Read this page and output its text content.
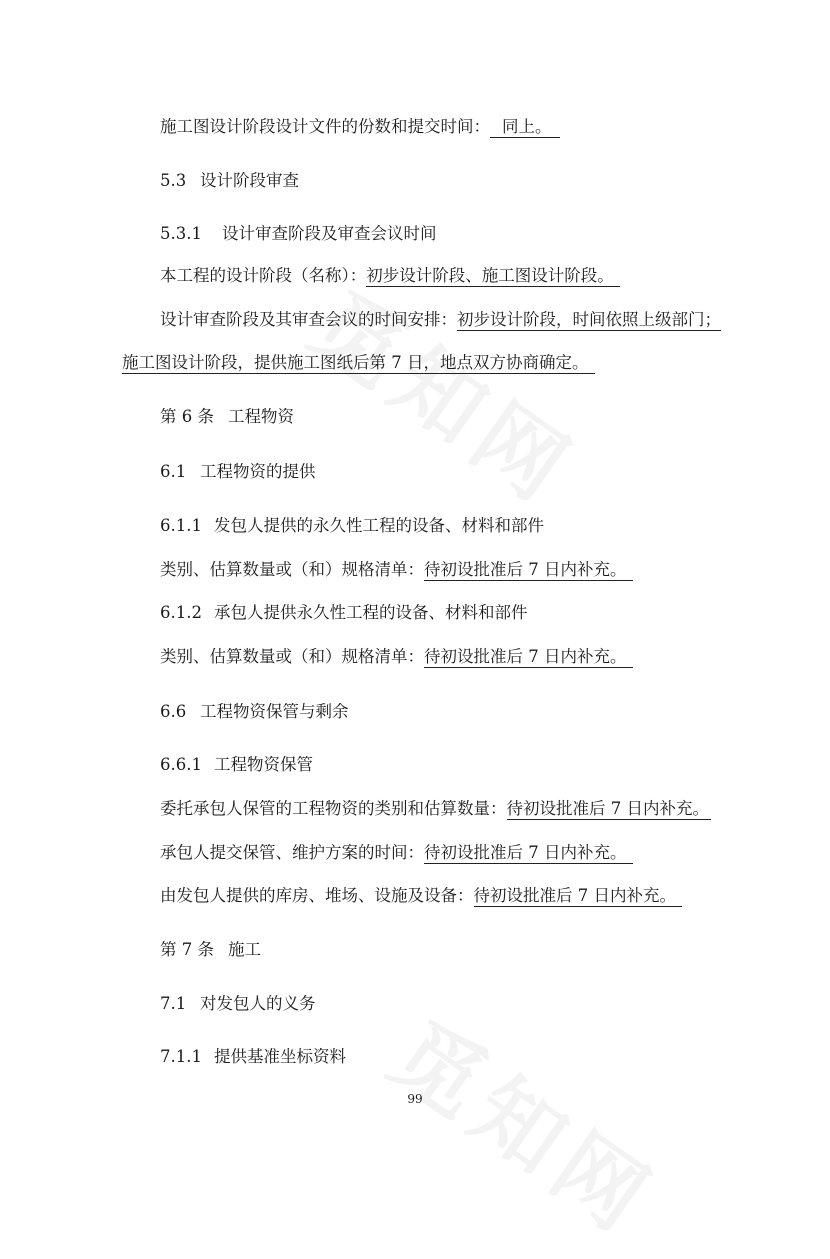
施工图设计阶段设计文件的份数和提交时间： 同上。
5.3 设计阶段审查
5.3.1 设计审查阶段及审查会议时间
本工程的设计阶段（名称）：初步设计阶段、施工图设计阶段。
设计审查阶段及其审查会议的时间安排：初步设计阶段，时间依照上级部门；
施工图设计阶段，提供施工图纸后第 7 日，地点双方协商确定。
第 6 条 工程物资
6.1 工程物资的提供
6.1.1 发包人提供的永久性工程的设备、材料和部件
类别、估算数量或（和）规格清单：待初设批准后 7 日内补充。
6.1.2 承包人提供永久性工程的设备、材料和部件
类别、估算数量或（和）规格清单：待初设批准后 7 日内补充。
6.6 工程物资保管与剩余
6.6.1 工程物资保管
委托承包人保管的工程物资的类别和估算数量：待初设批准后 7 日内补充。
承包人提交保管、维护方案的时间：待初设批准后 7 日内补充。
由发包人提供的库房、堆场、设施及设备：待初设批准后 7 日内补充。
第 7 条 施工
7.1 对发包人的义务
7.1.1 提供基准坐标资料
99
